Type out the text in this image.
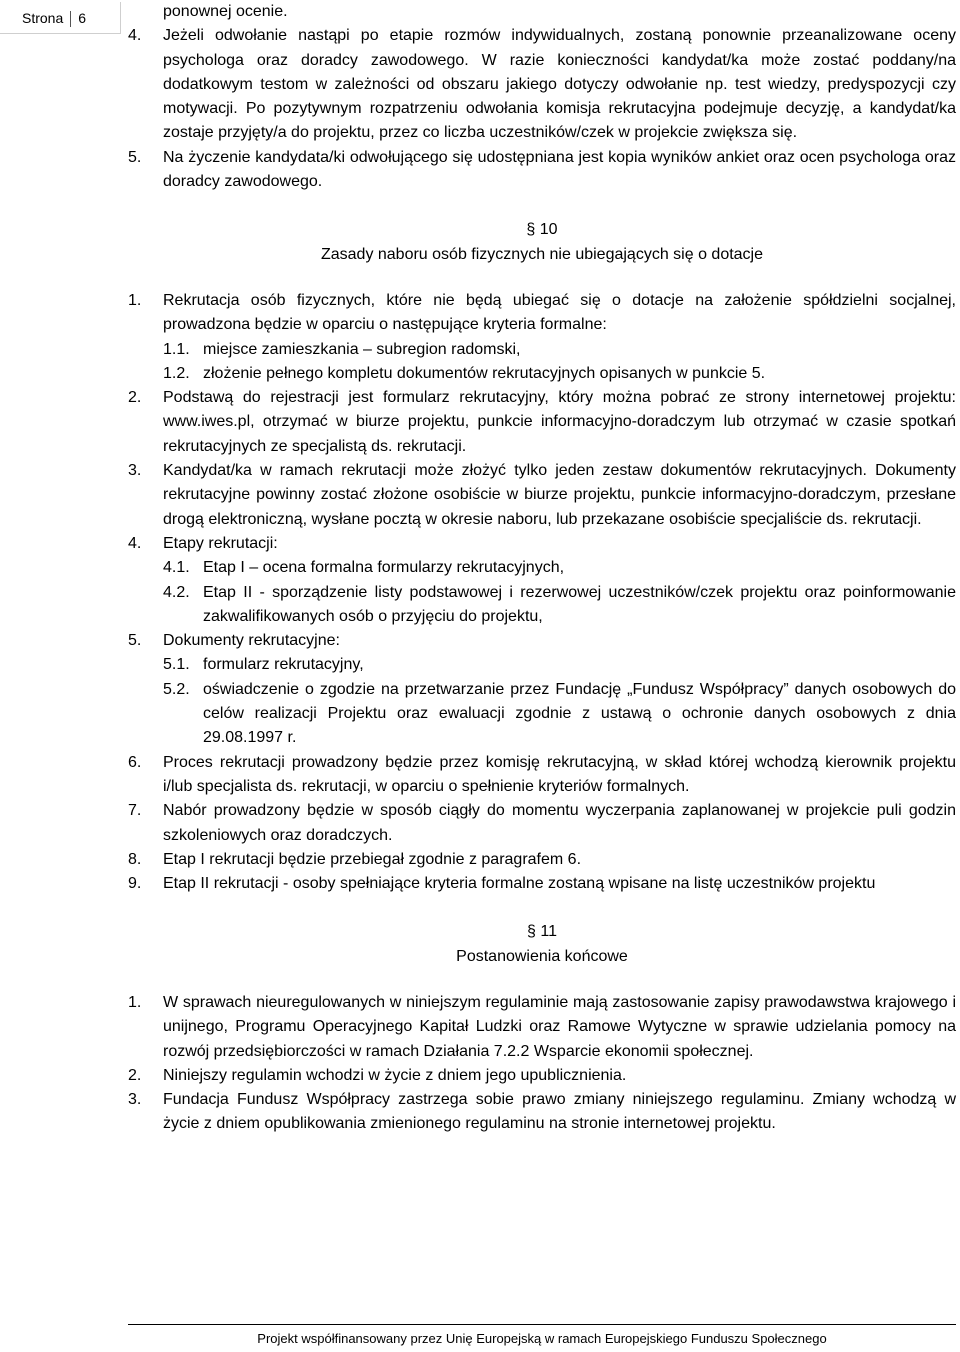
Strona 6	ponownej ocenie.

4.	Jeżeli odwołanie nastąpi po etapie rozmów indywidualnych, zostaną ponownie przeanalizowane oceny psychologa oraz doradcy zawodowego. W razie konieczności kandydat/ka może zostać poddany/na dodatkowym testom w zależności od obszaru jakiego dotyczy odwołanie np. test wiedzy, predyspozycji czy motywacji. Po pozytywnym rozpatrzeniu odwołania komisja rekrutacyjna podejmuje decyzję, a kandydat/ka zostaje przyjęty/a do projektu, przez co liczba uczestników/czek w projekcie zwiększa się.

5.	Na życzenie kandydata/ki odwołującego się udostępniana jest kopia wyników ankiet oraz ocen psychologa oraz doradcy zawodowego.

§ 10

Zasady naboru osób fizycznych nie ubiegających się o dotacje

1.	Rekrutacja osób fizycznych, które nie będą ubiegać się o dotacje na założenie spółdzielni socjalnej, prowadzona będzie w oparciu o następujące kryteria formalne:

1.1. miejsce zamieszkania – subregion radomski,

1.2. złożenie pełnego kompletu dokumentów rekrutacyjnych opisanych w punkcie 5.

2.	Podstawą do rejestracji jest formularz rekrutacyjny, który można pobrać ze strony internetowej projektu: www.iwes.pl, otrzymać w biurze projektu, punkcie informacyjno-doradczym lub otrzymać w czasie spotkań rekrutacyjnych ze specjalistą ds. rekrutacji.

3.	Kandydat/ka w ramach rekrutacji może złożyć tylko jeden zestaw dokumentów rekrutacyjnych. Dokumenty rekrutacyjne powinny zostać złożone osobiście w biurze projektu, punkcie informacyjno-doradczym, przesłane drogą elektroniczną, wysłane pocztą w okresie naboru, lub przekazane osobiście specjaliście ds. rekrutacji.

4.	Etapy rekrutacji:

4.1. Etap I – ocena formalna formularzy rekrutacyjnych,

4.2. Etap II - sporządzenie listy podstawowej i rezerwowej uczestników/czek projektu oraz poinformowanie zakwalifikowanych osób o przyjęciu do projektu,

5.	Dokumenty rekrutacyjne:

5.1. formularz rekrutacyjny,

5.2. oświadczenie o zgodzie na przetwarzanie przez Fundację „Fundusz Współpracy” danych osobowych do celów realizacji Projektu oraz ewaluacji zgodnie z ustawą o ochronie danych osobowych z dnia 29.08.1997 r.

6.	Proces rekrutacji prowadzony będzie przez komisję rekrutacyjną, w skład której wchodzą kierownik projektu i/lub specjalista ds. rekrutacji, w oparciu o spełnienie kryteriów formalnych.

7.	Nabór prowadzony będzie w sposób ciągły do momentu wyczerpania zaplanowanej w projekcie puli godzin szkoleniowych oraz doradczych.

8.	Etap I rekrutacji będzie przebiegał zgodnie z paragrafem 6.

9.	Etap II rekrutacji - osoby spełniające kryteria formalne zostaną wpisane na listę uczestników projektu

§ 11

Postanowienia końcowe

1.	W sprawach nieuregulowanych w niniejszym regulaminie mają zastosowanie zapisy prawodawstwa krajowego i unijnego, Programu Operacyjnego Kapitał Ludzki oraz Ramowe Wytyczne w sprawie udzielania pomocy na rozwój przedsiębiorczości w ramach Działania 7.2.2 Wsparcie ekonomii społecznej.

2.	Niniejszy regulamin wchodzi w życie z dniem jego upublicznienia.

3.	Fundacja Fundusz Współpracy zastrzega sobie prawo zmiany niniejszego regulaminu. Zmiany wchodzą w życie z dniem opublikowania zmienionego regulaminu na stronie internetowej projektu.

Projekt współfinansowany przez Unię Europejską w ramach Europejskiego Funduszu Społecznego
